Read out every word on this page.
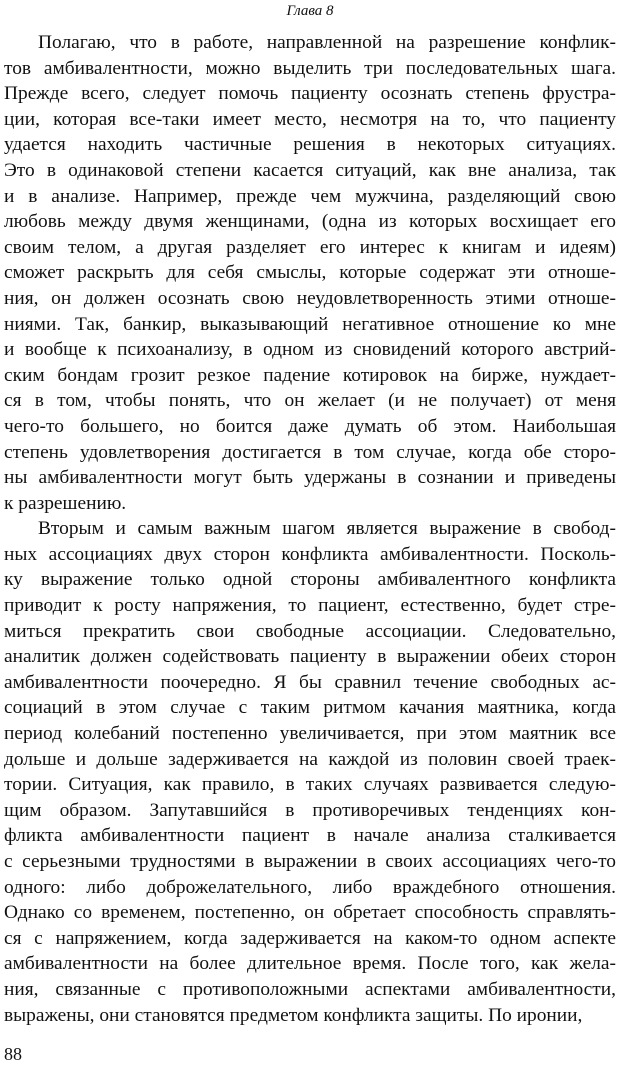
Глава 8

Полагаю, что в работе, направленной на разрешение конфлик-
тов амбивалентности, можно выделить три последовательных шага.
Прежде всего, следует помочь пациенту осознать степень фрустра-
ции, которая все-таки имеет место, несмотря на то, что пациенту
удается находить частичные решения в некоторых ситуациях.
Это в одинаковой степени касается ситуаций, как вне анализа, так
и в анализе. Например, прежде чем мужчина, разделяющий свою
любовь между двумя женщинами, (одна из которых восхищает его
своим телом, а другая разделяет его интерес к книгам и идеям)
сможет раскрыть для себя смыслы, которые содержат эти отноше-
ния, он должен осознать свою неудовлетворенность этими отноше-
ниями. Так, банкир, выказывающий негативное отношение ко мне
и вообще к психоанализу, в одном из сновидений которого австрий-
ским бондам грозит резкое падение котировок на бирже, нуждает-
ся в том, чтобы понять, что он желает (и не получает) от меня
чего-то большего, но боится даже думать об этом. Наибольшая
степень удовлетворения достигается в том случае, когда обе сторо-
ны амбивалентности могут быть удержаны в сознании и приведены
к разрешению.

Вторым и самым важным шагом является выражение в свобод-
ных ассоциациях двух сторон конфликта амбивалентности. Посколь-
ку выражение только одной стороны амбивалентного конфликта
приводит к росту напряжения, то пациент, естественно, будет стре-
миться прекратить свои свободные ассоциации. Следовательно,
аналитик должен содействовать пациенту в выражении обеих сторон
амбивалентности поочередно. Я бы сравнил течение свободных ас-
социаций в этом случае с таким ритмом качания маятника, когда
период колебаний постепенно увеличивается, при этом маятник все
дольше и дольше задерживается на каждой из половин своей траек-
тории. Ситуация, как правило, в таких случаях развивается следую-
щим образом. Запутавшийся в противоречивых тенденциях кон-
фликта амбивалентности пациент в начале анализа сталкивается
с серьезными трудностями в выражении в своих ассоциациях чего-то
одного: либо доброжелательного, либо враждебного отношения.
Однако со временем, постепенно, он обретает способность справлять-
ся с напряжением, когда задерживается на каком-то одном аспекте
амбивалентности на более длительное время. После того, как жела-
ния, связанные с противоположными аспектами амбивалентности,
выражены, они становятся предметом конфликта защиты. По иронии,

88
